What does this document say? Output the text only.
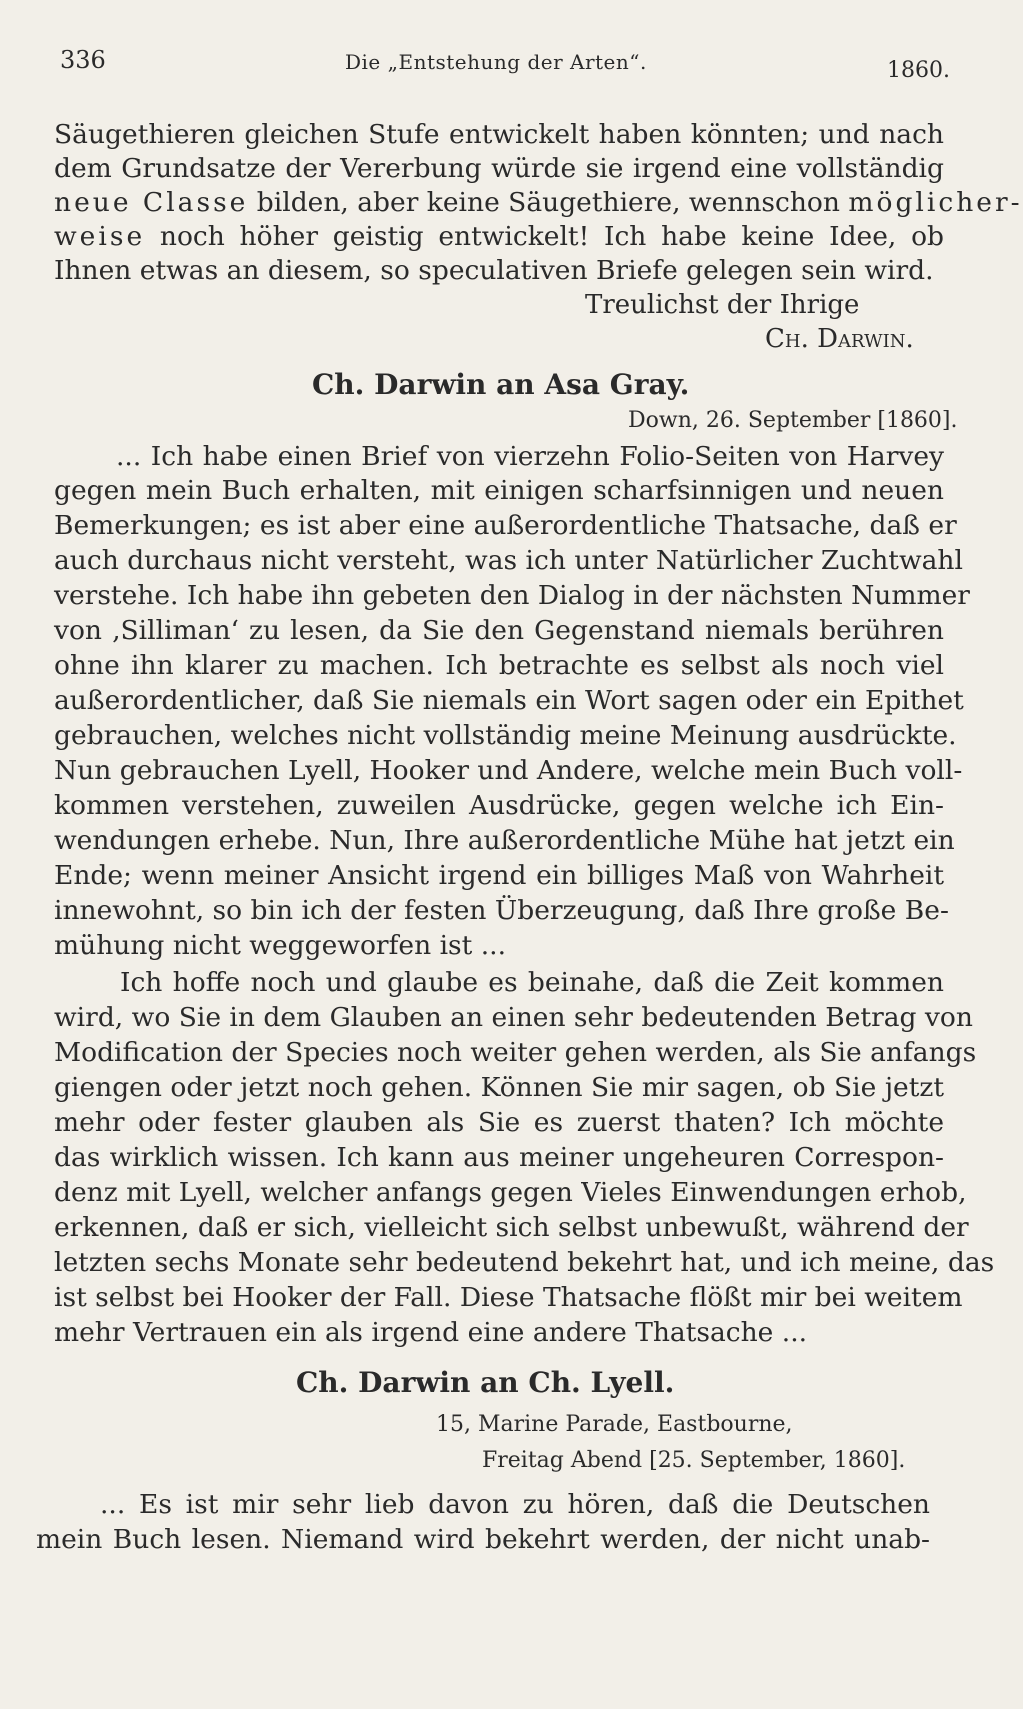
336	Die „Entstehung der Arten“.	1860.
Säugethieren gleichen Stufe entwickelt haben könnten; und nach
dem Grundsatze der Vererbung würde sie irgend eine vollständig
neue Classe bilden, aber keine Säugethiere, wennschon möglicher-
weise noch höher geistig entwickelt! Ich habe keine Idee, ob
Ihnen etwas an diesem, so speculativen Briefe gelegen sein wird.
Treulichst der Ihrige
Ch. Darwin.
Ch. Darwin an Asa Gray.
Down, 26. September [1860].
... Ich habe einen Brief von vierzehn Folio-Seiten von Harvey
gegen mein Buch erhalten, mit einigen scharfsinnigen und neuen
Bemerkungen; es ist aber eine außerordentliche Thatsache, daß er
auch durchaus nicht versteht, was ich unter Natürlicher Zuchtwahl
verstehe. Ich habe ihn gebeten den Dialog in der nächsten Nummer
von ‚Silliman‘ zu lesen, da Sie den Gegenstand niemals berühren
ohne ihn klarer zu machen. Ich betrachte es selbst als noch viel
außerordentlicher, daß Sie niemals ein Wort sagen oder ein Epithet
gebrauchen, welches nicht vollständig meine Meinung ausdrückte.
Nun gebrauchen Lyell, Hooker und Andere, welche mein Buch voll-
kommen verstehen, zuweilen Ausdrücke, gegen welche ich Ein-
wendungen erhebe. Nun, Ihre außerordentliche Mühe hat jetzt ein
Ende; wenn meiner Ansicht irgend ein billiges Maß von Wahrheit
innewohnt, so bin ich der festen Überzeugung, daß Ihre große Be-
mühung nicht weggeworfen ist ...
Ich hoffe noch und glaube es beinahe, daß die Zeit kommen
wird, wo Sie in dem Glauben an einen sehr bedeutenden Betrag von
Modification der Species noch weiter gehen werden, als Sie anfangs
giengen oder jetzt noch gehen. Können Sie mir sagen, ob Sie jetzt
mehr oder fester glauben als Sie es zuerst thaten? Ich möchte
das wirklich wissen. Ich kann aus meiner ungeheuren Correspon-
denz mit Lyell, welcher anfangs gegen Vieles Einwendungen erhob,
erkennen, daß er sich, vielleicht sich selbst unbewußt, während der
letzten sechs Monate sehr bedeutend bekehrt hat, und ich meine, das
ist selbst bei Hooker der Fall. Diese Thatsache flößt mir bei weitem
mehr Vertrauen ein als irgend eine andere Thatsache ...
Ch. Darwin an Ch. Lyell.
15, Marine Parade, Eastbourne,
Freitag Abend [25. September, 1860].
... Es ist mir sehr lieb davon zu hören, daß die Deutschen
mein Buch lesen. Niemand wird bekehrt werden, der nicht unab-
